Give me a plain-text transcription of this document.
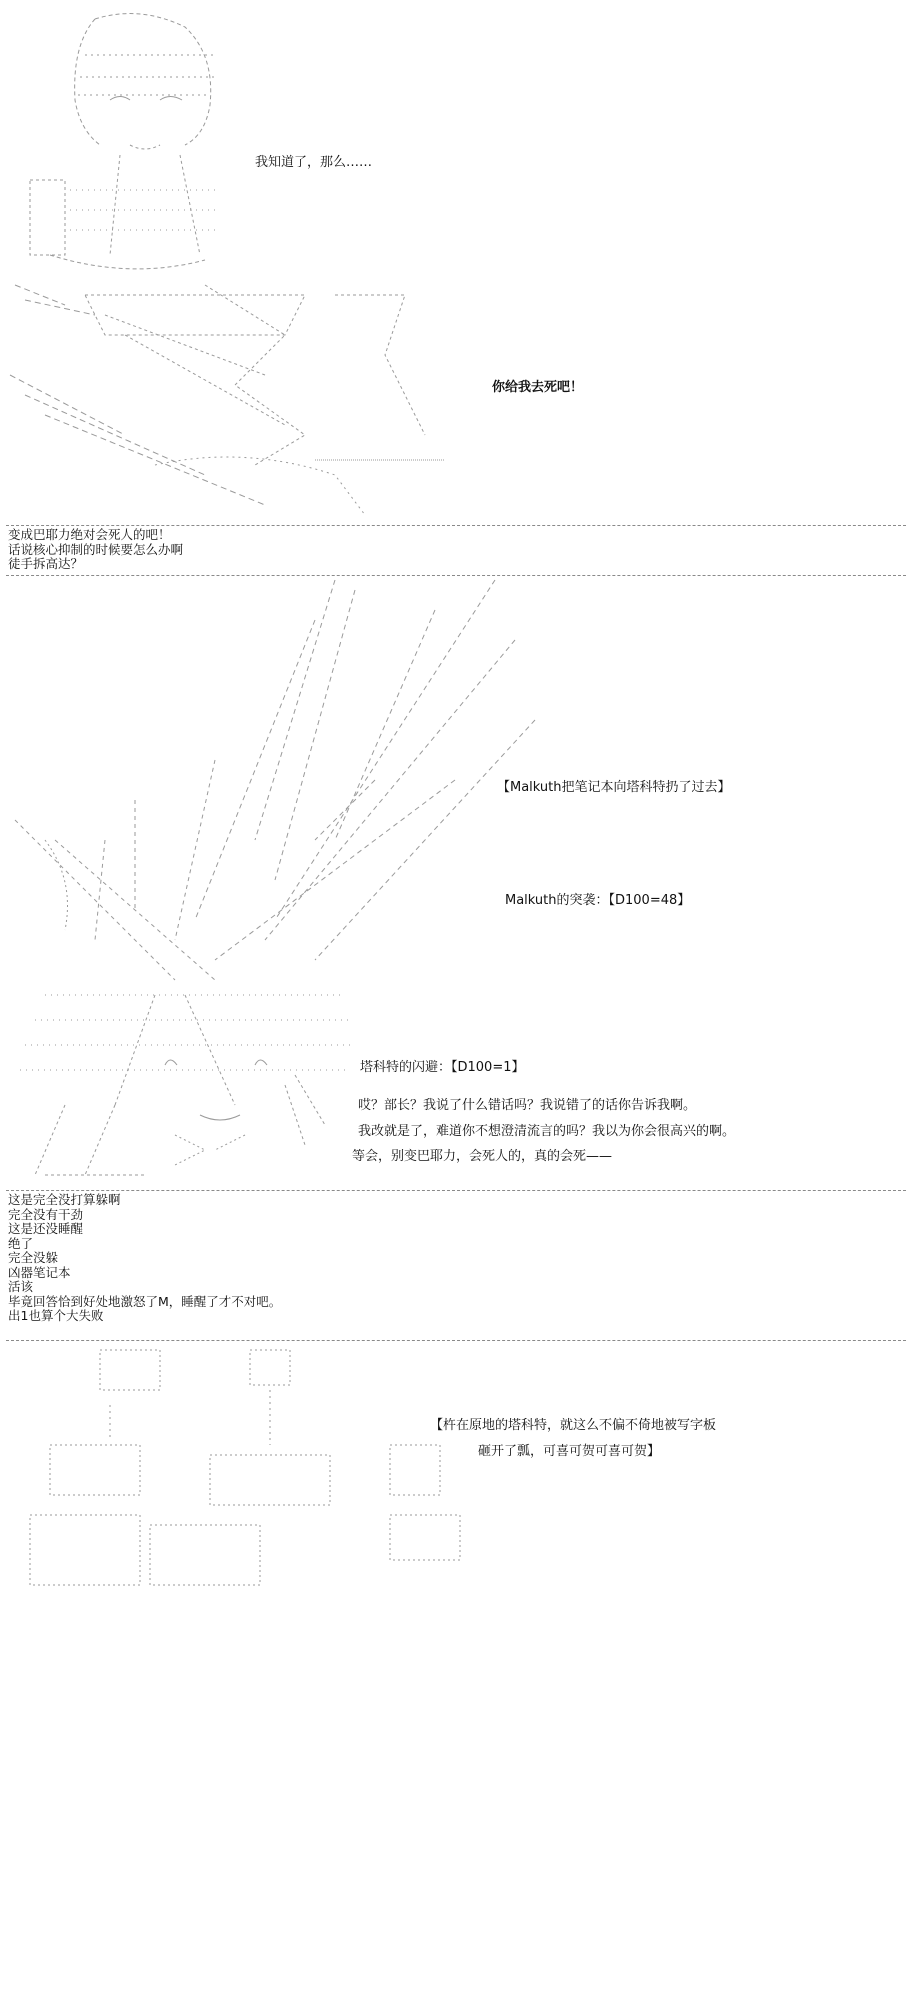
我知道了，那么……
你给我去死吧！
变成巴耶力绝对会死人的吧！
话说核心抑制的时候要怎么办啊
徒手拆高达？
【Malkuth把笔记本向塔科特扔了过去】
Malkuth的突袭：【D100=48】
塔科特的闪避：【D100=1】
哎？部长？我说了什么错话吗？我说错了的话你告诉我啊。
我改就是了，难道你不想澄清流言的吗？我以为你会很高兴的啊。
等会，别变巴耶力，会死人的，真的会死——
这是完全没打算躲啊
完全没有干劲
这是还没睡醒
绝了
完全没躲
凶器笔记本
活该
毕竟回答恰到好处地激怒了M，睡醒了才不对吧。
出1也算个大失败
【杵在原地的塔科特，就这么不偏不倚地被写字板
砸开了瓢，可喜可贺可喜可贺】
